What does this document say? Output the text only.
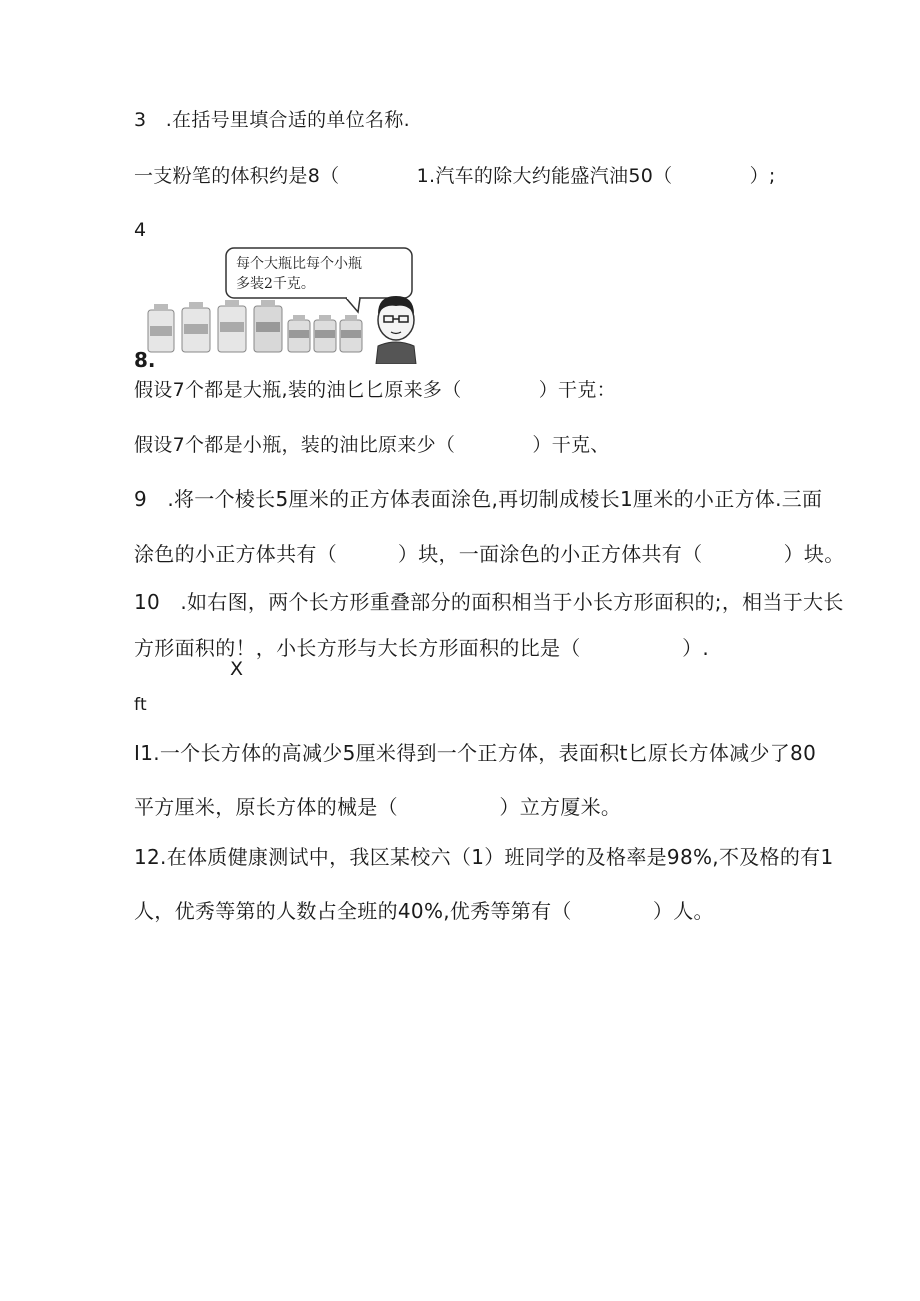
3　.在括号里填合适的单位名称.
一支粉笔的体积约是8（　　　　1.汽车的除大约能盛汽油50（　　　　）;
4
每个大瓶比每个小瓶
多装2千克。
8.
假设7个都是大瓶,装的油匕匕原来多（　　　　）干克：
假设7个都是小瓶，装的油比原来少（　　　　）干克、
9　.将一个棱长5厘米的正方体表面涂色,再切制成棱长1厘米的小正方体.三面
涂色的小正方体共有（　　　）块，一面涂色的小正方体共有（　　　　）块。
10　.如右图，两个长方形重叠部分的面积相当于小长方形面积的;，相当于大长
方形面积的！，小长方形与大长方形面积的比是（　　　　　）.
X
ft
I1.一个长方体的高减少5厘米得到一个正方体，表面积t匕原长方体减少了80
平方厘米，原长方体的械是（　　　　　）立方厦米。
12.在体质健康测试中，我区某校六（1）班同学的及格率是98%,不及格的有1
人，优秀等第的人数占全班的40%,优秀等第有（　　　　）人。
